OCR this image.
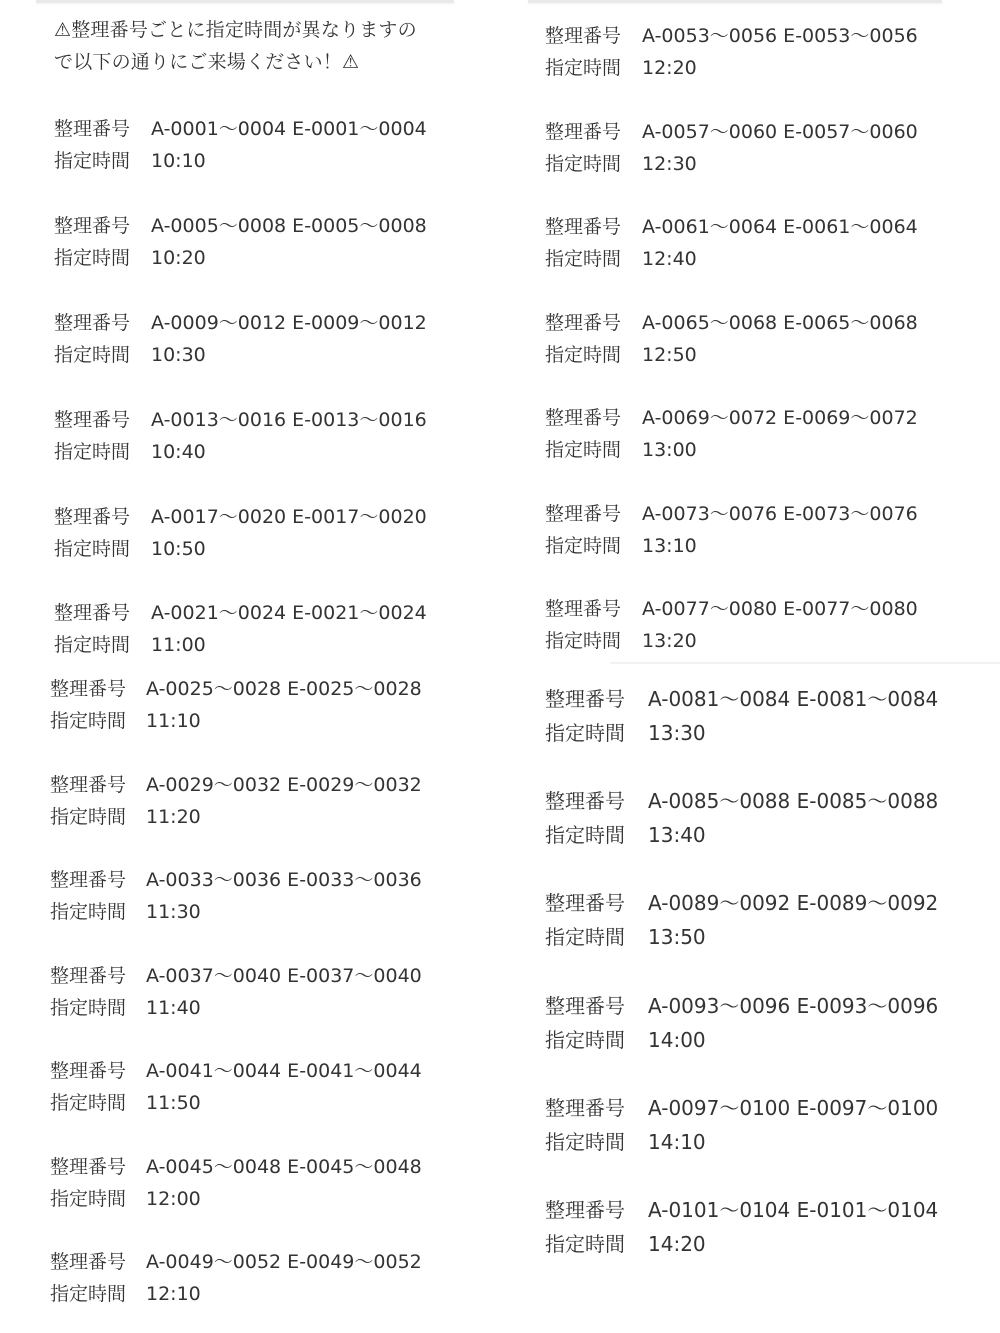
⚠整理番号ごとに指定時間が異なりますので以下の通りにご来場ください！⚠
整理番号	A-0001〜0004 E-0001〜0004
指定時間	10:10
整理番号	A-0005〜0008 E-0005〜0008
指定時間	10:20
整理番号	A-0009〜0012 E-0009〜0012
指定時間	10:30
整理番号	A-0013〜0016 E-0013〜0016
指定時間	10:40
整理番号	A-0017〜0020 E-0017〜0020
指定時間	10:50
整理番号	A-0021〜0024 E-0021〜0024
指定時間	11:00
整理番号	A-0053〜0056 E-0053〜0056
指定時間	12:20
整理番号	A-0057〜0060 E-0057〜0060
指定時間	12:30
整理番号	A-0061〜0064 E-0061〜0064
指定時間	12:40
整理番号	A-0065〜0068 E-0065〜0068
指定時間	12:50
整理番号	A-0069〜0072 E-0069〜0072
指定時間	13:00
整理番号	A-0073〜0076 E-0073〜0076
指定時間	13:10
整理番号	A-0077〜0080 E-0077〜0080
指定時間	13:20
整理番号	A-0025〜0028 E-0025〜0028
指定時間	11:10
整理番号	A-0029〜0032 E-0029〜0032
指定時間	11:20
整理番号	A-0033〜0036 E-0033〜0036
指定時間	11:30
整理番号	A-0037〜0040 E-0037〜0040
指定時間	11:40
整理番号	A-0041〜0044 E-0041〜0044
指定時間	11:50
整理番号	A-0045〜0048 E-0045〜0048
指定時間	12:00
整理番号	A-0049〜0052 E-0049〜0052
指定時間	12:10
整理番号	A-0081〜0084 E-0081〜0084
指定時間	13:30
整理番号	A-0085〜0088 E-0085〜0088
指定時間	13:40
整理番号	A-0089〜0092 E-0089〜0092
指定時間	13:50
整理番号	A-0093〜0096 E-0093〜0096
指定時間	14:00
整理番号	A-0097〜0100 E-0097〜0100
指定時間	14:10
整理番号	A-0101〜0104 E-0101〜0104
指定時間	14:20
